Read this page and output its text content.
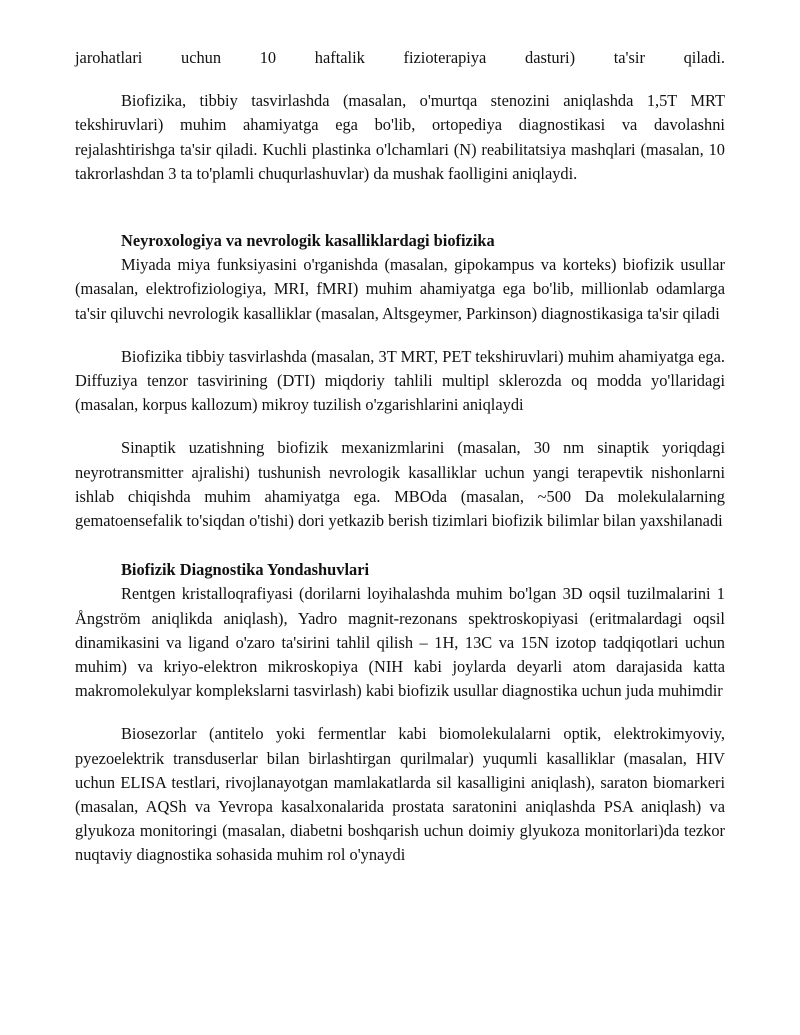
jarohatlari uchun 10 haftalik fizioterapiya dasturi) ta'sir qiladi.

Biofizika, tibbiy tasvirlashda (masalan, o'murtqa stenozini aniqlashda 1,5T MRT tekshiruvlari) muhim ahamiyatga ega bo'lib, ortopediya diagnostikasi va davolashni rejalashtirishga ta'sir qiladi. Kuchli plastinka o'lchamlari (N) reabilitatsiya mashqlari (masalan, 10 takrorlashdan 3 ta to'plamli chuqurlashuvlar) da mushak faolligini aniqlaydi.

Neyroxologiya va nevrologik kasalliklardagi biofizika

Miyada miya funksiyasini o'rganishda (masalan, gipokampus va korteks) biofizik usullar (masalan, elektrofiziologiya, MRI, fMRI) muhim ahamiyatga ega bo'lib, millionlab odamlarga ta'sir qiluvchi nevrologik kasalliklar (masalan, Altsgeymer, Parkinson) diagnostikasiga ta'sir qiladi

Biofizika tibbiy tasvirlashda (masalan, 3T MRT, PET tekshiruvlari) muhim ahamiyatga ega. Diffuziya tenzor tasvirining (DTI) miqdoriy tahlili multipl sklerozda oq modda yo'llaridagi (masalan, korpus kallozum) mikroy tuzilish o'zgarishlarini aniqlaydi

Sinaptik uzatishning biofizik mexanizmlarini (masalan, 30 nm sinaptik yoriqdagi neyrotransmitter ajralishi) tushunish nevrologik kasalliklar uchun yangi terapevtik nishonlarni ishlab chiqishda muhim ahamiyatga ega. MBOda (masalan, ~500 Da molekulalarning gematoensefalik to'siqdan o'tishi) dori yetkazib berish tizimlari biofizik bilimlar bilan yaxshilanadi

Biofizik Diagnostika Yondashuvlari

Rentgen kristalloqrafiyasi (dorilarni loyihalashda muhim bo'lgan 3D oqsil tuzilmalarini 1 Ångström aniqlikda aniqlash), Yadro magnit-rezonans spektroskopiyasi (eritmalardagi oqsil dinamikasini va ligand o'zaro ta'sirini tahlil qilish – 1H, 13C va 15N izotop tadqiqotlari uchun muhim) va kriyo-elektron mikroskopiya (NIH kabi joylarda deyarli atom darajasida katta makromolekulyar komplekslarni tasvirlash) kabi biofizik usullar diagnostika uchun juda muhimdir

Biosezorlar (antitelo yoki fermentlar kabi biomolekulalarni optik, elektrokimyoviy, pyezoelektrik transduserlar bilan birlashtirgan qurilmalar) yuqumli kasalliklar (masalan, HIV uchun ELISA testlari, rivojlanayotgan mamlakatlarda sil kasalligini aniqlash), saraton biomarkeri (masalan, AQSh va Yevropa kasalxonalarida prostata saratonini aniqlashda PSA aniqlash) va glyukoza monitoringi (masalan, diabetni boshqarish uchun doimiy glyukoza monitorlari)da tezkor nuqtaviy diagnostika sohasida muhim rol o'ynaydi
